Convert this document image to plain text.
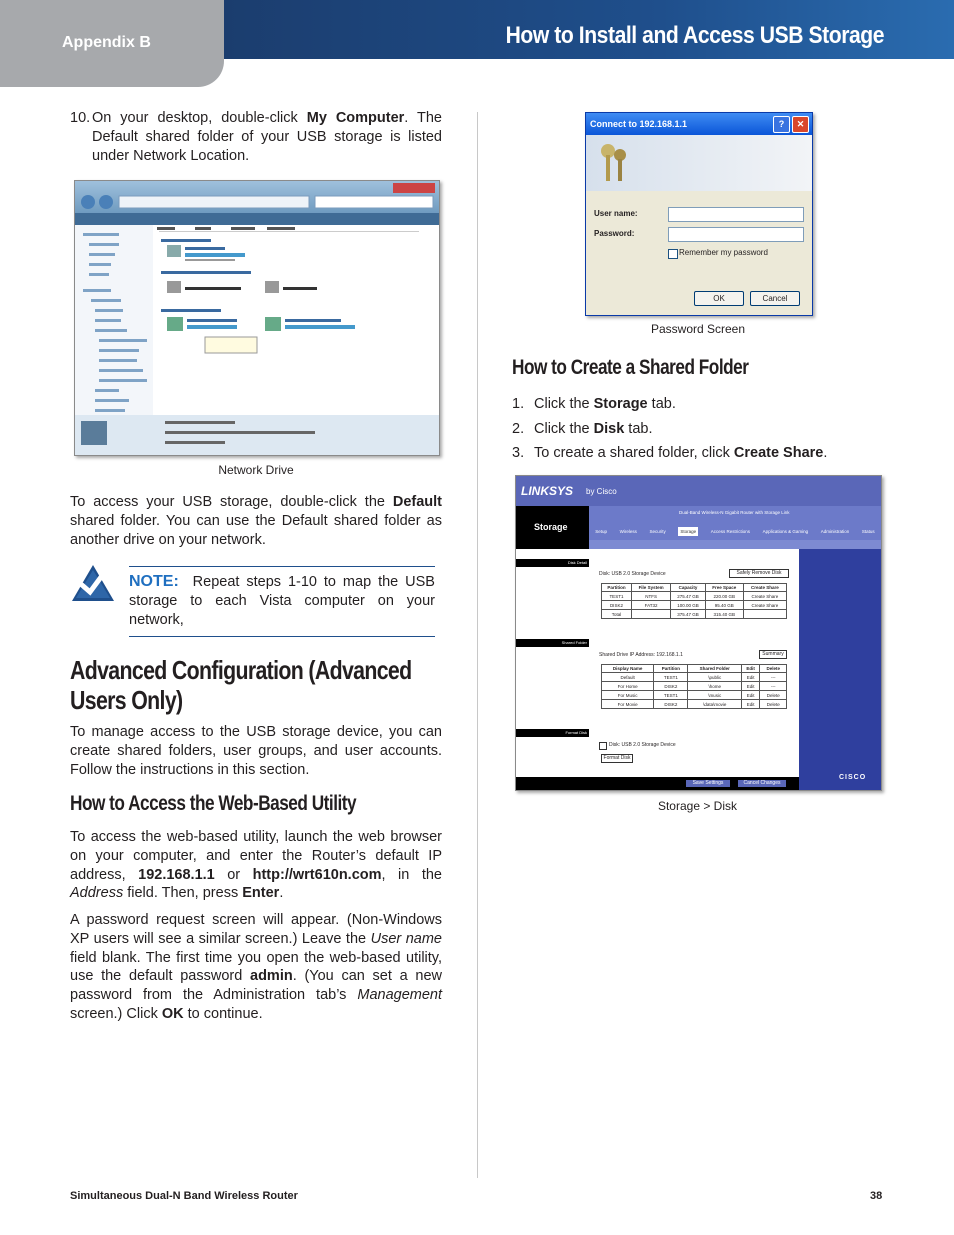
Appendix B	How to Install and Access USB Storage
10. On your desktop, double-click My Computer. The Default shared folder of your USB storage is listed under Network Location.
Network Drive
To access your USB storage, double-click the Default shared folder. You can use the Default shared folder as another drive on your network.
NOTE: Repeat steps 1-10 to map the USB storage to each Vista computer on your network,
Advanced Configuration (Advanced
Users Only)
To manage access to the USB storage device, you can create shared folders, user groups, and user accounts. Follow the instructions in this section.
How to Access the Web-Based Utility
To access the web-based utility, launch the web browser on your computer, and enter the Router’s default IP address, 192.168.1.1 or http://wrt610n.com, in the Address field. Then, press Enter.
A password request screen will appear. (Non-Windows XP users will see a similar screen.) Leave the User name field blank. The first time you open the web-based utility, use the default password admin. (You can set a new password from the Administration tab’s Management screen.) Click OK to continue.
Connect to 192.168.1.1	?	✕
User name:
Password:
Remember my password
OK	Cancel
Password Screen
How to Create a Shared Folder
1. Click the Storage tab.
2. Click the Disk tab.
3. To create a shared folder, click Create Share.
LINKSYS by Cisco
Storage
Dual-Band Wireless-N Gigabit Router with Storage Link
Setup	Wireless	Security	Storage	Access Restrictions	Applications & Gaming	Administration	Status
Disk Detail
Shared Folder
Format Disk
Disk: USB 2.0 Storage Device	Safely Remove Disk
Partition	File System	Capacity	Free Space	Create Share
TEST1	NTFS	275.47 GB	220.00 GB	Create Share
DISK2	FAT32	100.00 GB	95.40 GB	Create Share
Total		375.47 GB	315.40 GB	
Shared Drive IP Address: 192.168.1.1	Summary
Display Name	Partition	Shared Folder	Edit	Delete
Default	TEST1	\public	Edit	---
For Home	DISK2	\home	Edit	---
For Music	TEST1	\music	Edit	Delete
For Movie	DISK2	\data\movie	Edit	Delete
Disk: USB 2.0 Storage Device
Format Disk
Save Settings	Cancel Changes
CISCO
Storage > Disk
Simultaneous Dual-N Band Wireless Router	38
